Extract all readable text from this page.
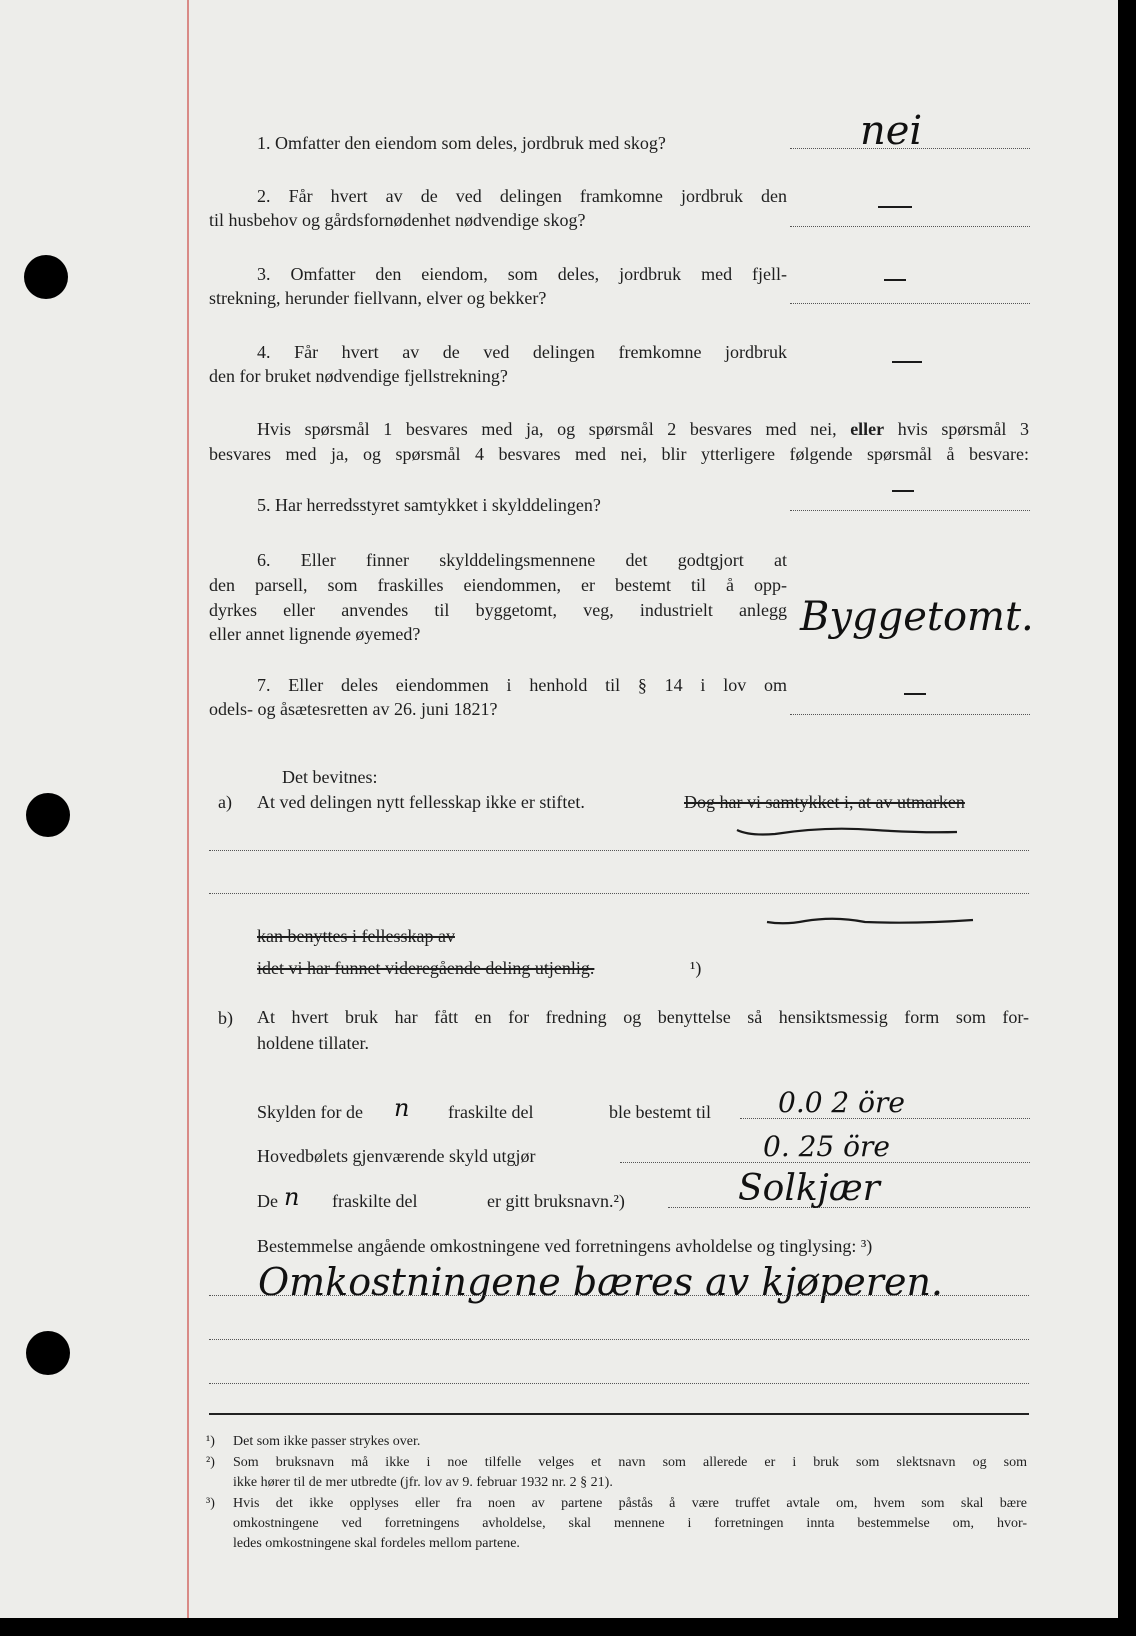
1. Omfatter den eiendom som deles, jordbruk med skog?	nei
2. Får hvert av de ved delingen framkomne jordbruk den
til husbehov og gårdsfornødenhet nødvendige skog?
3. Omfatter den eiendom, som deles, jordbruk med fjell-
strekning, herunder fiellvann, elver og bekker?
4. Får hvert av de ved delingen fremkomne jordbruk
den for bruket nødvendige fjellstrekning?
Hvis spørsmål 1 besvares med ja, og spørsmål 2 besvares med nei, eller hvis spørsmål 3
besvares med ja, og spørsmål 4 besvares med nei, blir ytterligere følgende spørsmål å besvare:
5. Har herredsstyret samtykket i skylddelingen?
6. Eller finner skylddelingsmennene det godtgjort at
den parsell, som fraskilles eiendommen, er bestemt til å opp-
dyrkes eller anvendes til byggetomt, veg, industrielt anlegg
eller annet lignende øyemed?	Byggetomt.
7. Eller deles eiendommen i henhold til § 14 i lov om
odels- og åsætesretten av 26. juni 1821?
Det bevitnes:
a) At ved delingen nytt fellesskap ikke er stiftet.	Dog har vi samtykket i, at av utmarken
kan benyttes i fellesskap av
idet vi har funnet videregående deling utjenlig.	¹)
b) At hvert bruk har fått en for fredning og benyttelse så hensiktsmessig form som for-
holdene tillater.
Skylden for de n fraskilte del	ble bestemt til 0.0 2 öre
Hovedbølets gjenværende skyld utgjør	0. 25 öre
De n fraskilte del	er gitt bruksnavn.²)	Solkjær
Bestemmelse angående omkostningene ved forretningens avholdelse og tinglysing: ³)
Omkostningene bæres av kjøperen.
¹) Det som ikke passer strykes over.
²) Som bruksnavn må ikke i noe tilfelle velges et navn som allerede er i bruk som slektsnavn og som
ikke hører til de mer utbredte (jfr. lov av 9. februar 1932 nr. 2 § 21).
³) Hvis det ikke opplyses eller fra noen av partene påstås å være truffet avtale om, hvem som skal bære
omkostningene ved forretningens avholdelse, skal mennene i forretningen innta bestemmelse om, hvor-
ledes omkostningene skal fordeles mellom partene.
